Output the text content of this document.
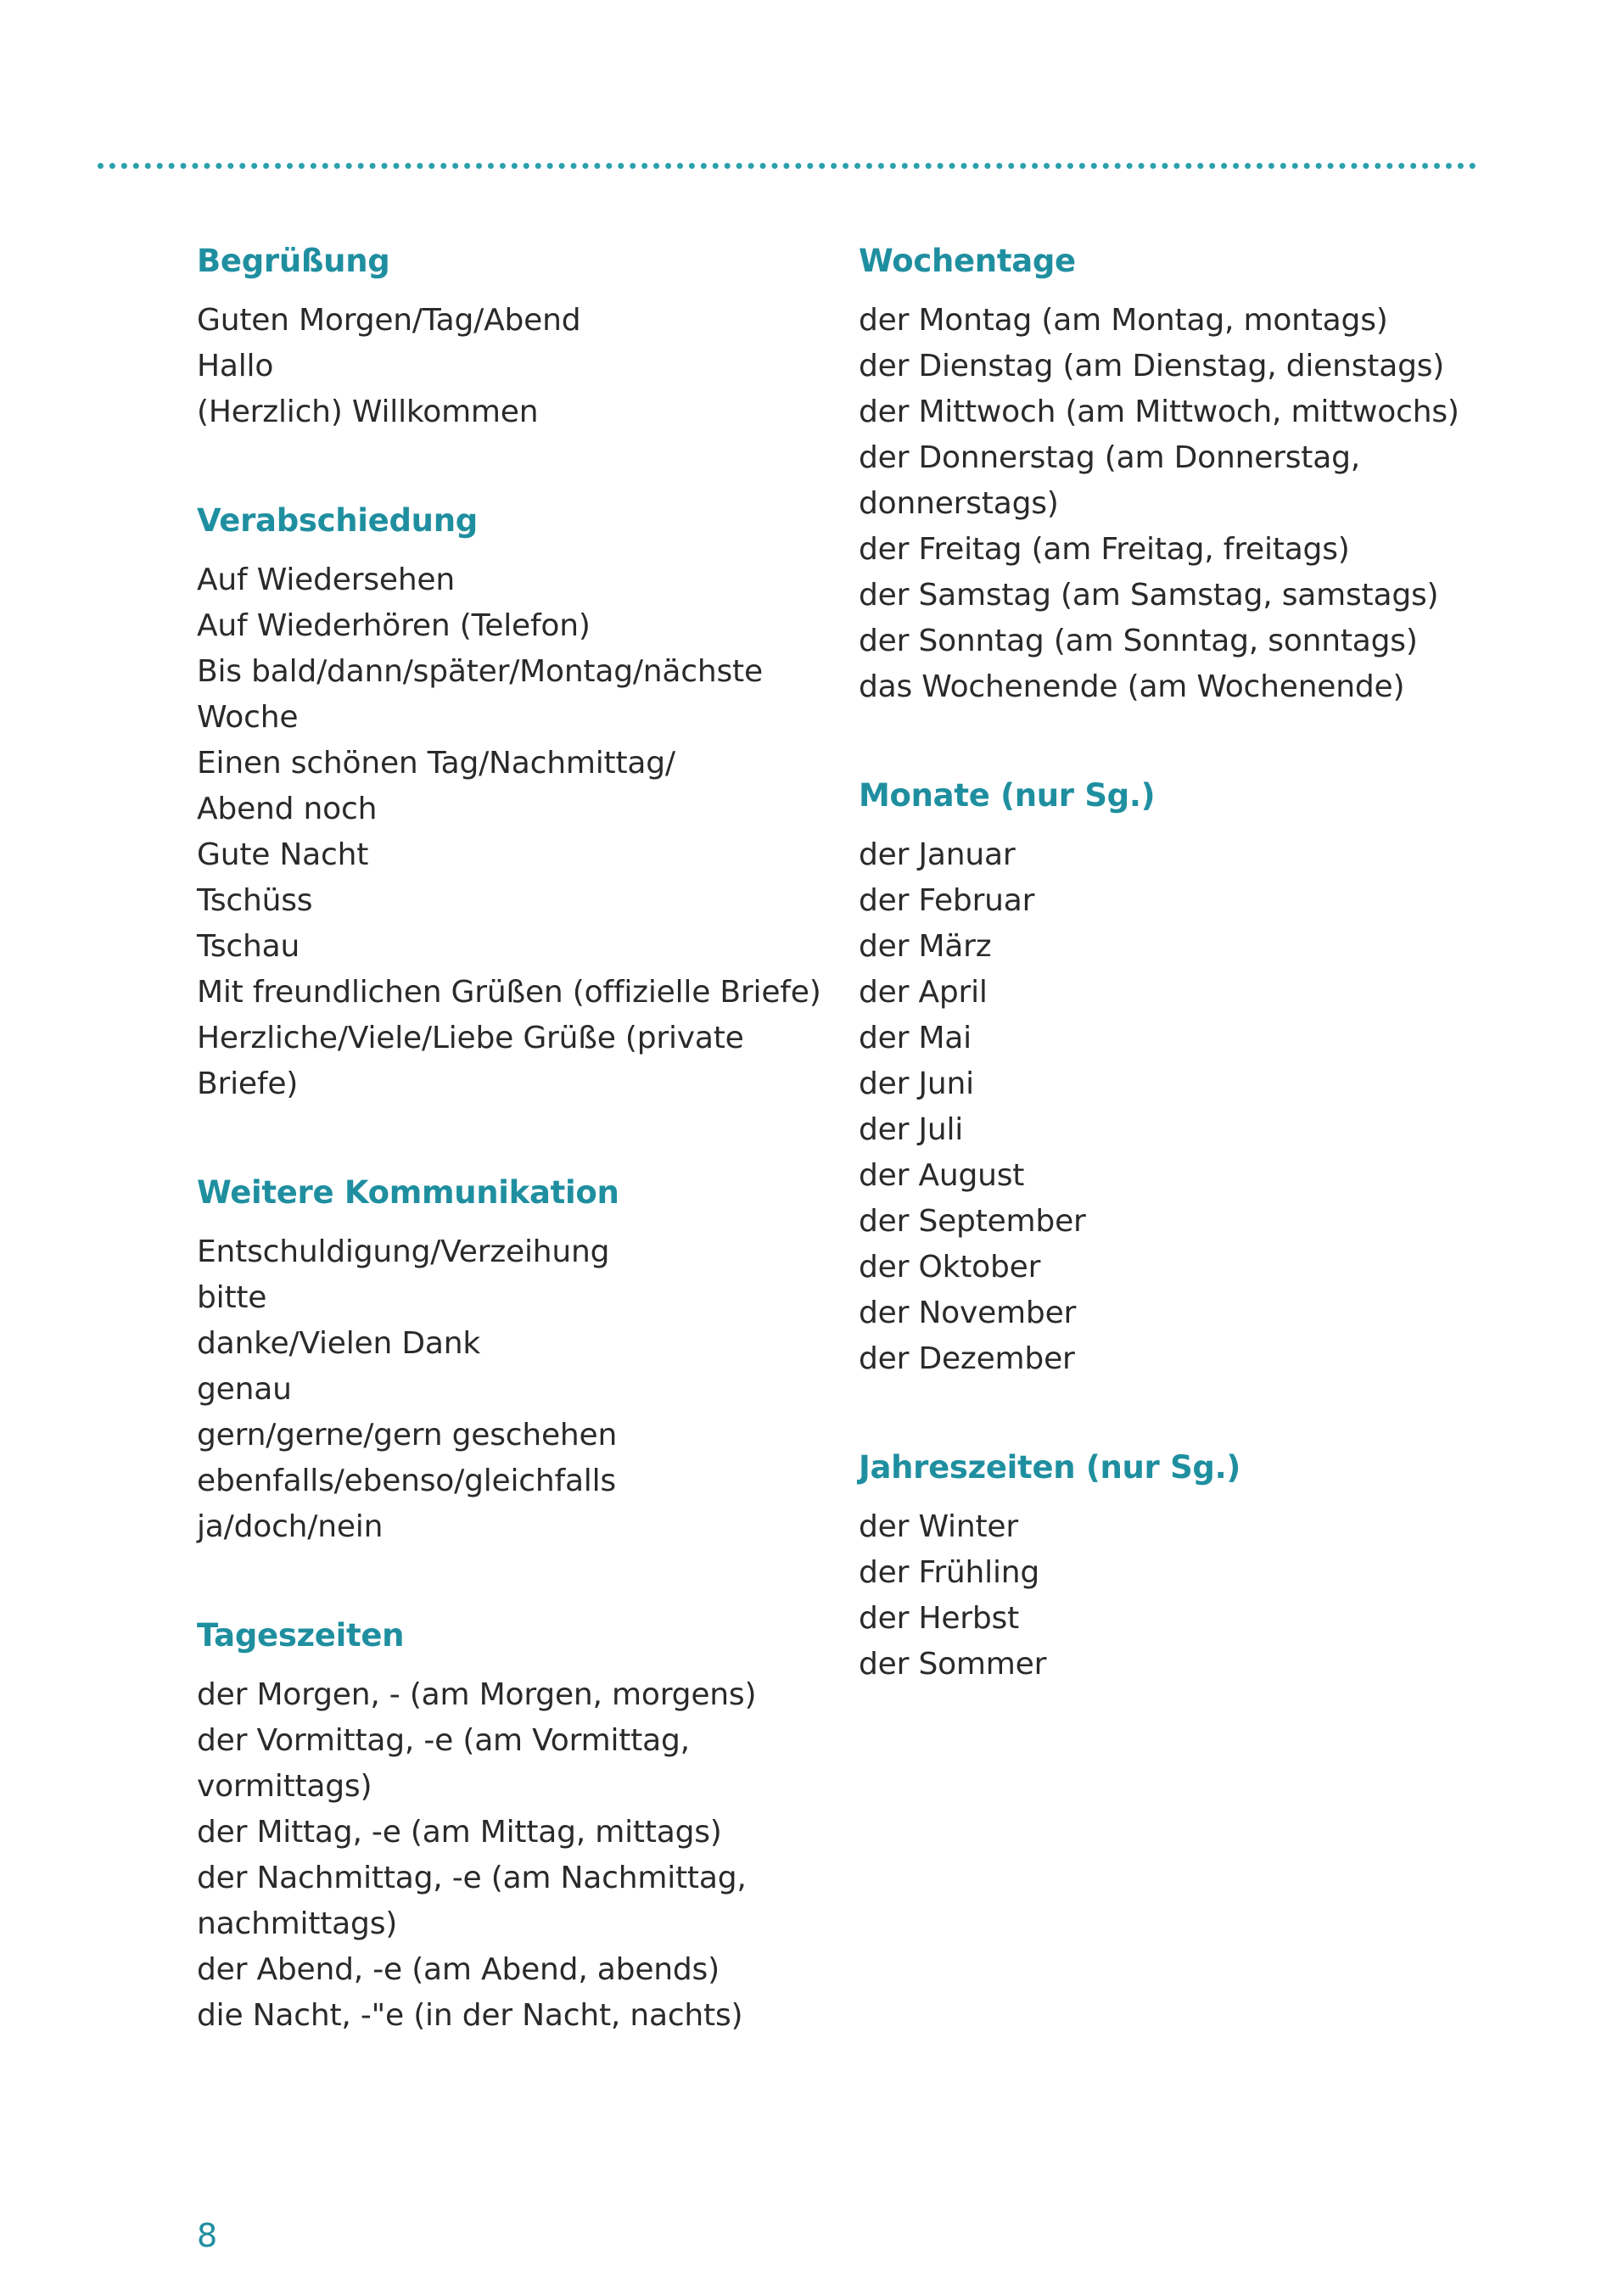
Begrüßung
Guten Morgen/Tag/Abend
Hallo
(Herzlich) Willkommen
Verabschiedung
Auf Wiedersehen
Auf Wiederhören (Telefon)
Bis bald/dann/später/Montag/nächste
Woche
Einen schönen Tag/Nachmittag/
Abend noch
Gute Nacht
Tschüss
Tschau
Mit freundlichen Grüßen (offizielle Briefe)
Herzliche/Viele/Liebe Grüße (private
Briefe)
Weitere Kommunikation
Entschuldigung/Verzeihung
bitte
danke/Vielen Dank
genau
gern/gerne/gern geschehen
ebenfalls/ebenso/gleichfalls
ja/doch/nein
Tageszeiten
der Morgen, - (am Morgen, morgens)
der Vormittag, -e (am Vormittag,
vormittags)
der Mittag, -e (am Mittag, mittags)
der Nachmittag, -e (am Nachmittag,
nachmittags)
der Abend, -e (am Abend, abends)
die Nacht, -"e (in der Nacht, nachts)
Wochentage
der Montag (am Montag, montags)
der Dienstag (am Dienstag, dienstags)
der Mittwoch (am Mittwoch, mittwochs)
der Donnerstag (am Donnerstag,
donnerstags)
der Freitag (am Freitag, freitags)
der Samstag (am Samstag, samstags)
der Sonntag (am Sonntag, sonntags)
das Wochenende (am Wochenende)
Monate (nur Sg.)
der Januar
der Februar
der März
der April
der Mai
der Juni
der Juli
der August
der September
der Oktober
der November
der Dezember
Jahreszeiten (nur Sg.)
der Winter
der Frühling
der Herbst
der Sommer
8
